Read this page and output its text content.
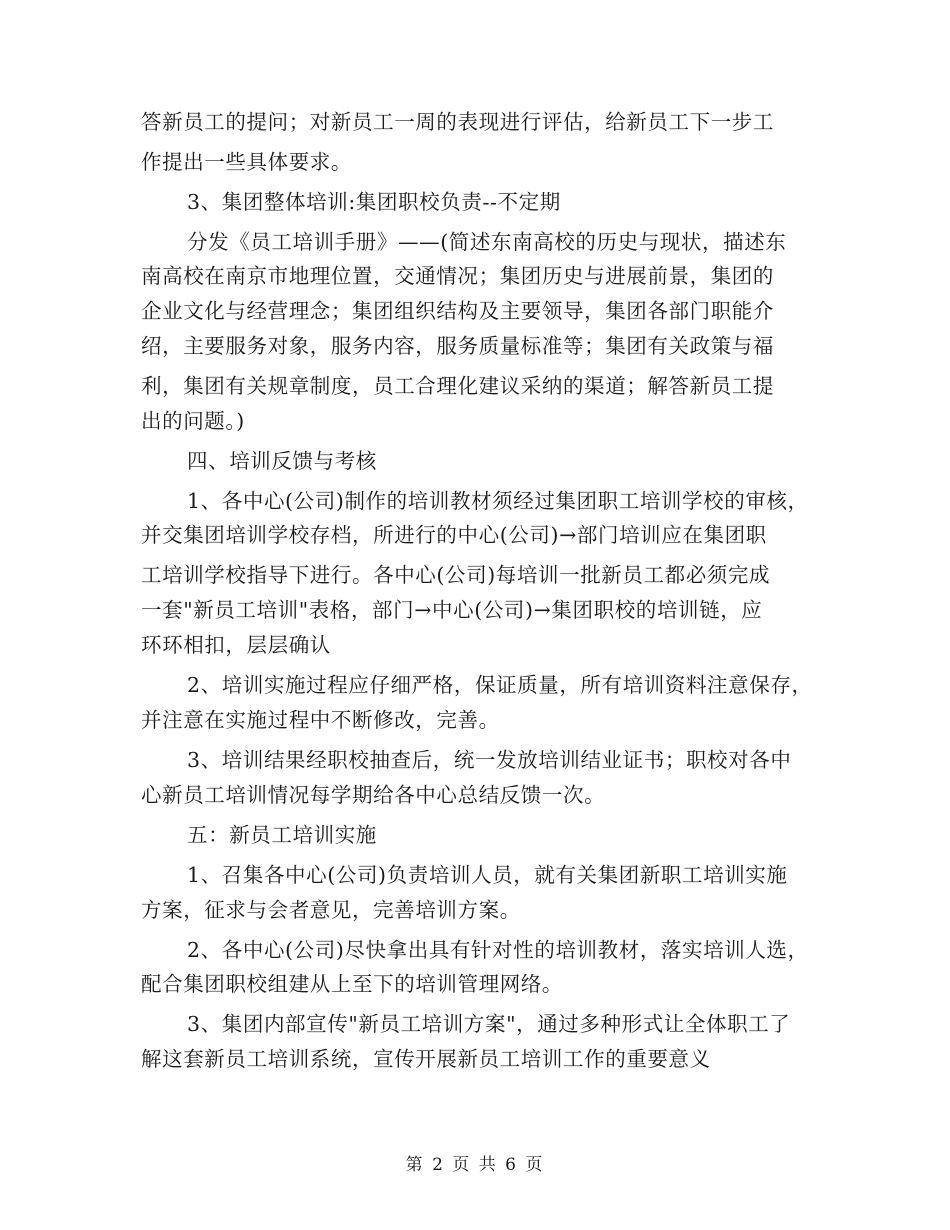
答新员工的提问；对新员工一周的表现进行评估，给新员工下一步工
作提出一些具体要求。
3、集团整体培训:集团职校负责--不定期
分发《员工培训手册》——(简述东南高校的历史与现状，描述东
南高校在南京市地理位置，交通情况；集团历史与进展前景，集团的
企业文化与经营理念；集团组织结构及主要领导，集团各部门职能介
绍，主要服务对象，服务内容，服务质量标准等；集团有关政策与福
利，集团有关规章制度，员工合理化建议采纳的渠道；解答新员工提
出的问题。)
四、培训反馈与考核
1、各中心(公司)制作的培训教材须经过集团职工培训学校的审核，
并交集团培训学校存档，所进行的中心(公司)→部门培训应在集团职
工培训学校指导下进行。各中心(公司)每培训一批新员工都必须完成
一套"新员工培训"表格，部门→中心(公司)→集团职校的培训链，应
环环相扣，层层确认
2、培训实施过程应仔细严格，保证质量，所有培训资料注意保存，
并注意在实施过程中不断修改，完善。
3、培训结果经职校抽查后，统一发放培训结业证书；职校对各中
心新员工培训情况每学期给各中心总结反馈一次。
五：新员工培训实施
1、召集各中心(公司)负责培训人员，就有关集团新职工培训实施
方案，征求与会者意见，完善培训方案。
2、各中心(公司)尽快拿出具有针对性的培训教材，落实培训人选，
配合集团职校组建从上至下的培训管理网络。
3、集团内部宣传"新员工培训方案"，通过多种形式让全体职工了
解这套新员工培训系统，宣传开展新员工培训工作的重要意义
第 2 页 共 6 页
